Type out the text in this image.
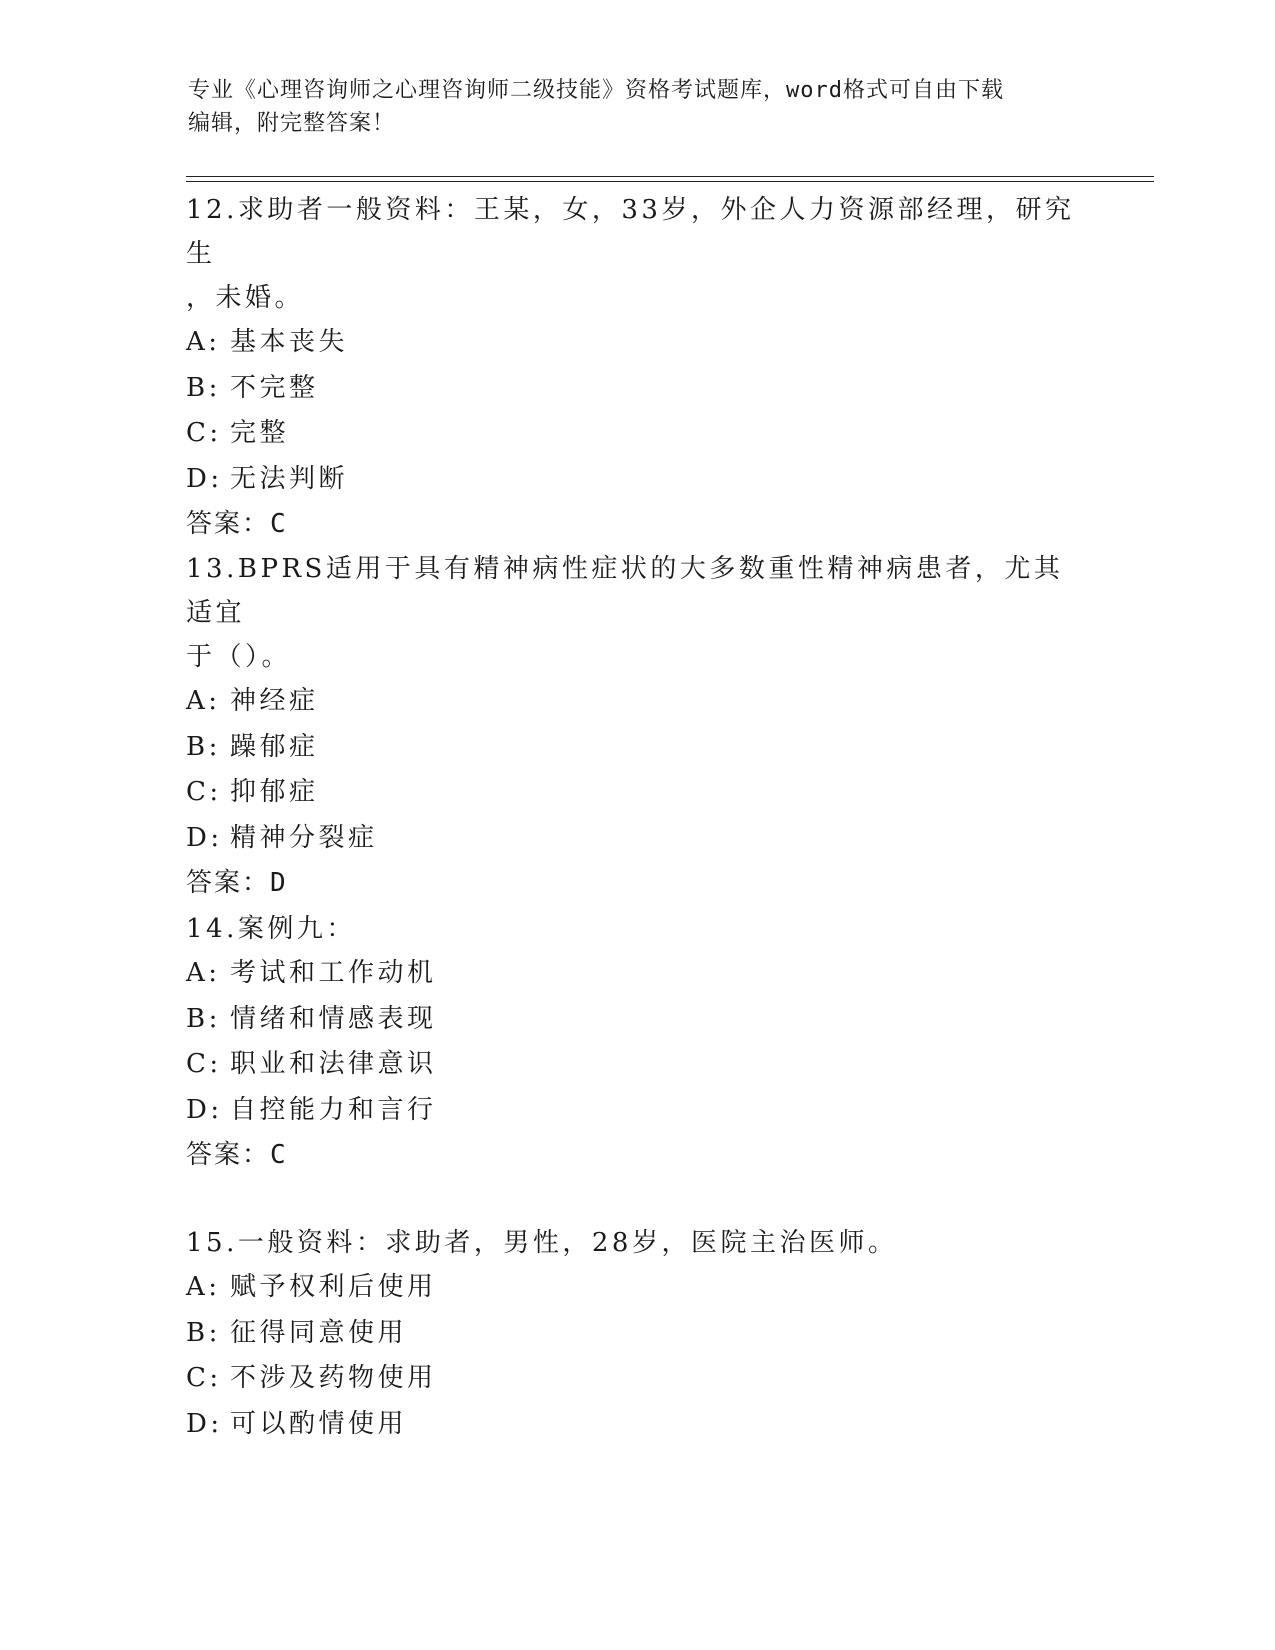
专业《心理咨询师之心理咨询师二级技能》资格考试题库，word格式可自由下载
编辑，附完整答案！

12.求助者一般资料：王某，女，33岁，外企人力资源部经理，研究生
，未婚。

A: 基本丧失
B: 不完整
C: 完整
D: 无法判断
答案：C

13.BPRS适用于具有精神病性症状的大多数重性精神病患者，尤其适宜
于（）。

A: 神经症
B: 躁郁症
C: 抑郁症
D: 精神分裂症
答案：D

14.案例九：

A: 考试和工作动机
B: 情绪和情感表现
C: 职业和法律意识
D: 自控能力和言行
答案：C

15.一般资料：求助者，男性，28岁，医院主治医师。

A: 赋予权利后使用
B: 征得同意使用
C: 不涉及药物使用
D: 可以酌情使用
